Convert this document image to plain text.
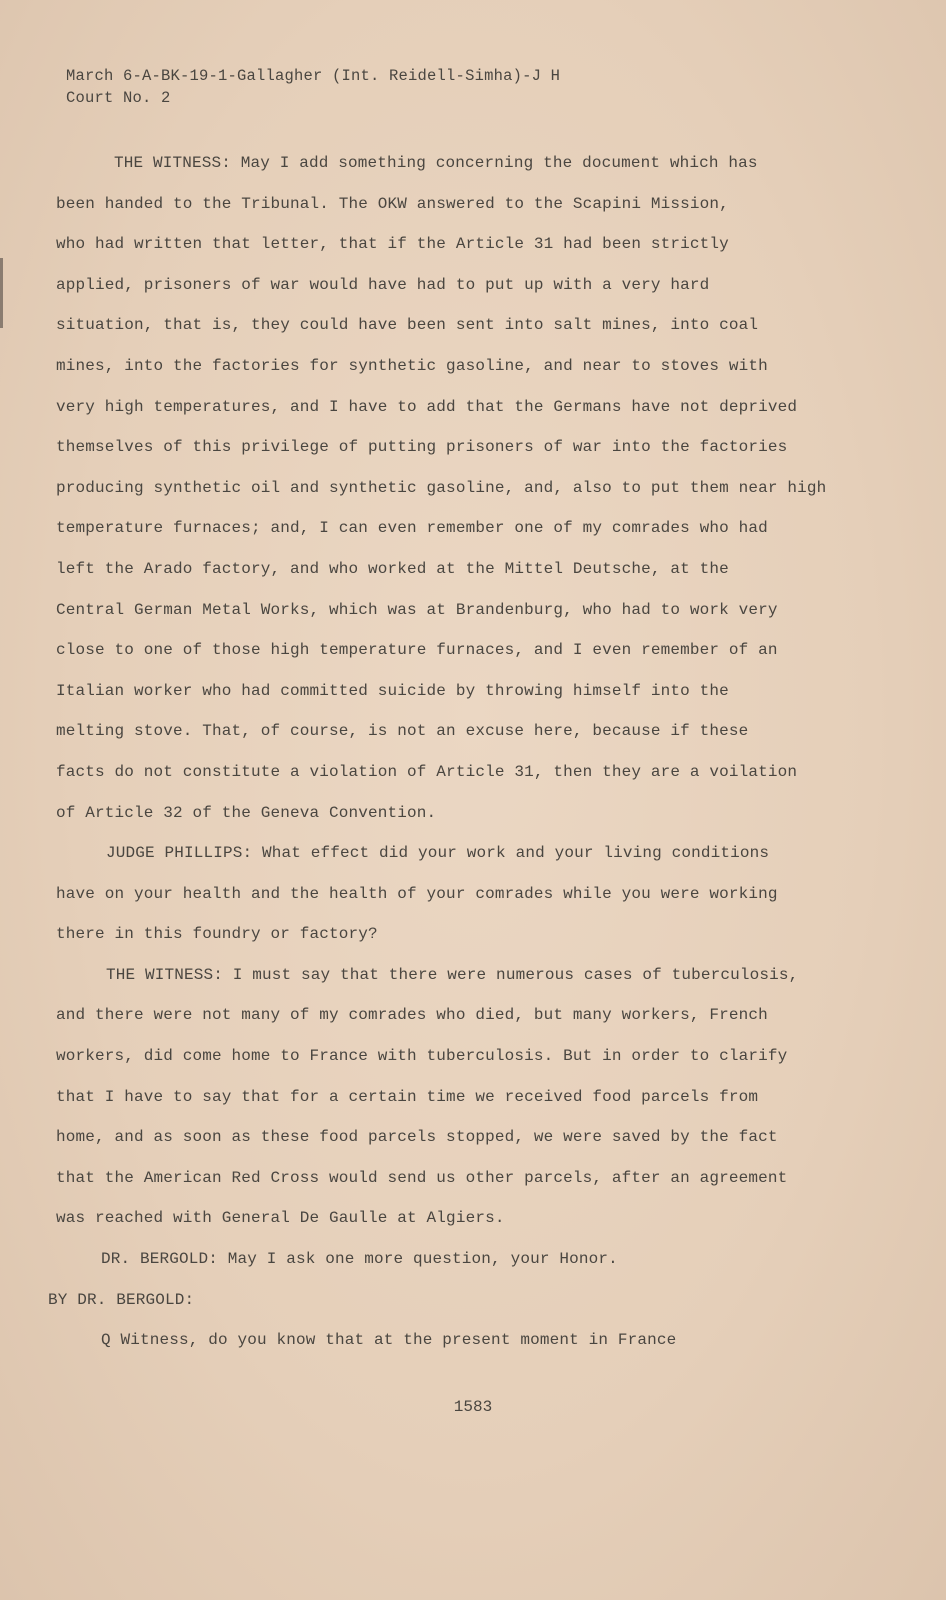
March 6-A-BK-19-1-Gallagher (Int. Reidell-Simha)-J H
Court No. 2
THE WITNESS: May I add something concerning the document which has
been handed to the Tribunal. The OKW answered to the Scapini Mission,
who had written that letter, that if the Article 31 had been strictly
applied, prisoners of war would have had to put up with a very hard
situation, that is, they could have been sent into salt mines, into coal
mines, into the factories for synthetic gasoline, and near to stoves with
very high temperatures, and I have to add that the Germans have not deprived
themselves of this privilege of putting prisoners of war into the factories
producing synthetic oil and synthetic gasoline, and, also to put them near high
temperature furnaces; and, I can even remember one of my comrades who had
left the Arado factory, and who worked at the Mittel Deutsche, at the
Central German Metal Works, which was at Brandenburg, who had to work very
close to one of those high temperature furnaces, and I even remember of an
Italian worker who had committed suicide by throwing himself into the
melting stove. That, of course, is not an excuse here, because if these
facts do not constitute a violation of Article 31, then they are a voilation
of Article 32 of the Geneva Convention.
JUDGE PHILLIPS: What effect did your work and your living conditions
have on your health and the health of your comrades while you were working
there in this foundry or factory?
THE WITNESS: I must say that there were numerous cases of tuberculosis,
and there were not many of my comrades who died, but many workers, French
workers, did come home to France with tuberculosis. But in order to clarify
that I have to say that for a certain time we received food parcels from
home, and as soon as these food parcels stopped, we were saved by the fact
that the American Red Cross would send us other parcels, after an agreement
was reached with General De Gaulle at Algiers.
DR. BERGOLD: May I ask one more question, your Honor.
BY DR. BERGOLD:
Q Witness, do you know that at the present moment in France
1583
